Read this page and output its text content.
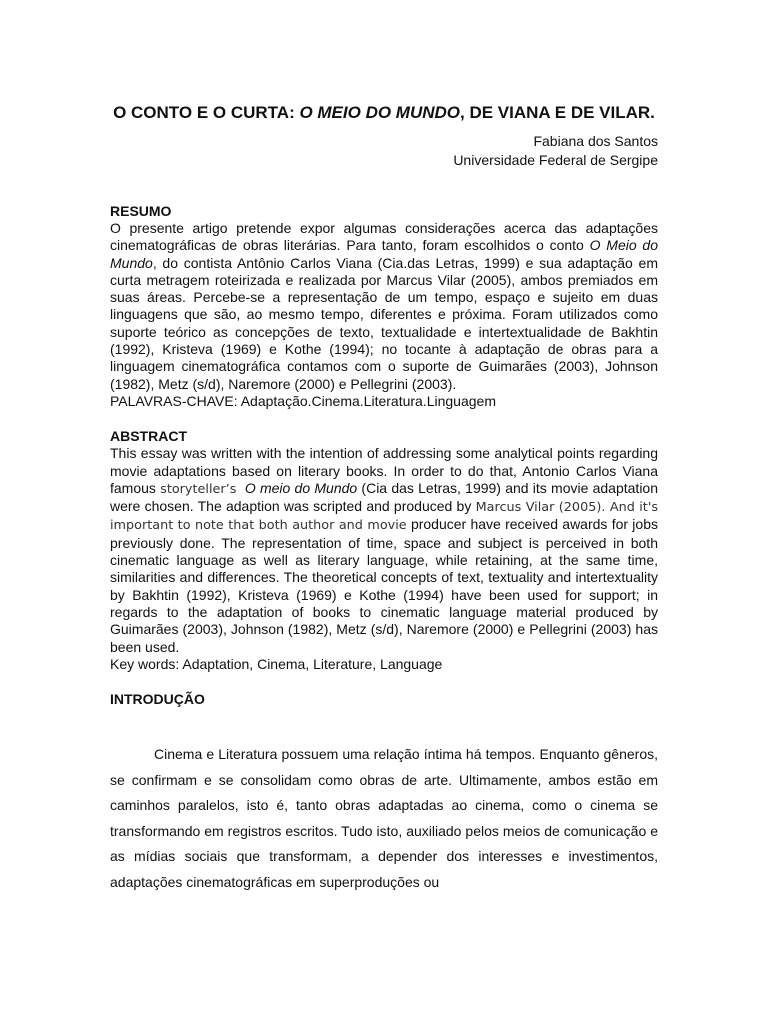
O CONTO E O CURTA: O MEIO DO MUNDO, DE VIANA E DE VILAR.
Fabiana dos Santos
Universidade Federal de Sergipe
RESUMO

O presente artigo pretende expor algumas considerações acerca das adaptações cinematográficas de obras literárias. Para tanto, foram escolhidos o conto O Meio do Mundo, do contista Antônio Carlos Viana (Cia.das Letras, 1999) e sua adaptação em curta metragem roteirizada e realizada por Marcus Vilar (2005), ambos premiados em suas áreas. Percebe-se a representação de um tempo, espaço e sujeito em duas linguagens que são, ao mesmo tempo, diferentes e próxima. Foram utilizados como suporte teórico as concepções de texto, textualidade e intertextualidade de Bakhtin (1992), Kristeva (1969) e Kothe (1994); no tocante à adaptação de obras para a linguagem cinematográfica contamos com o suporte de Guimarães (2003), Johnson (1982), Metz (s/d), Naremore (2000) e Pellegrini (2003).

PALAVRAS-CHAVE: Adaptação.Cinema.Literatura.Linguagem

ABSTRACT

This essay was written with the intention of addressing some analytical points regarding movie adaptations based on literary books. In order to do that, Antonio Carlos Viana famous storyteller’s O meio do Mundo (Cia das Letras, 1999) and its movie adaptation were chosen. The adaption was scripted and produced by Marcus Vilar (2005). And it's important to note that both author and movie producer have received awards for jobs previously done. The representation of time, space and subject is perceived in both cinematic language as well as literary language, while retaining, at the same time, similarities and differences. The theoretical concepts of text, textuality and intertextuality by Bakhtin (1992), Kristeva (1969) e Kothe (1994) have been used for support; in regards to the adaptation of books to cinematic language material produced by Guimarães (2003), Johnson (1982), Metz (s/d), Naremore (2000) e Pellegrini (2003) has been used.

Key words: Adaptation, Cinema, Literature, Language

INTRODUÇÃO

Cinema e Literatura possuem uma relação íntima há tempos. Enquanto gêneros, se confirmam e se consolidam como obras de arte. Ultimamente, ambos estão em caminhos paralelos, isto é, tanto obras adaptadas ao cinema, como o cinema se transformando em registros escritos. Tudo isto, auxiliado pelos meios de comunicação e as mídias sociais que transformam, a depender dos interesses e investimentos, adaptações cinematográficas em superproduções ou
